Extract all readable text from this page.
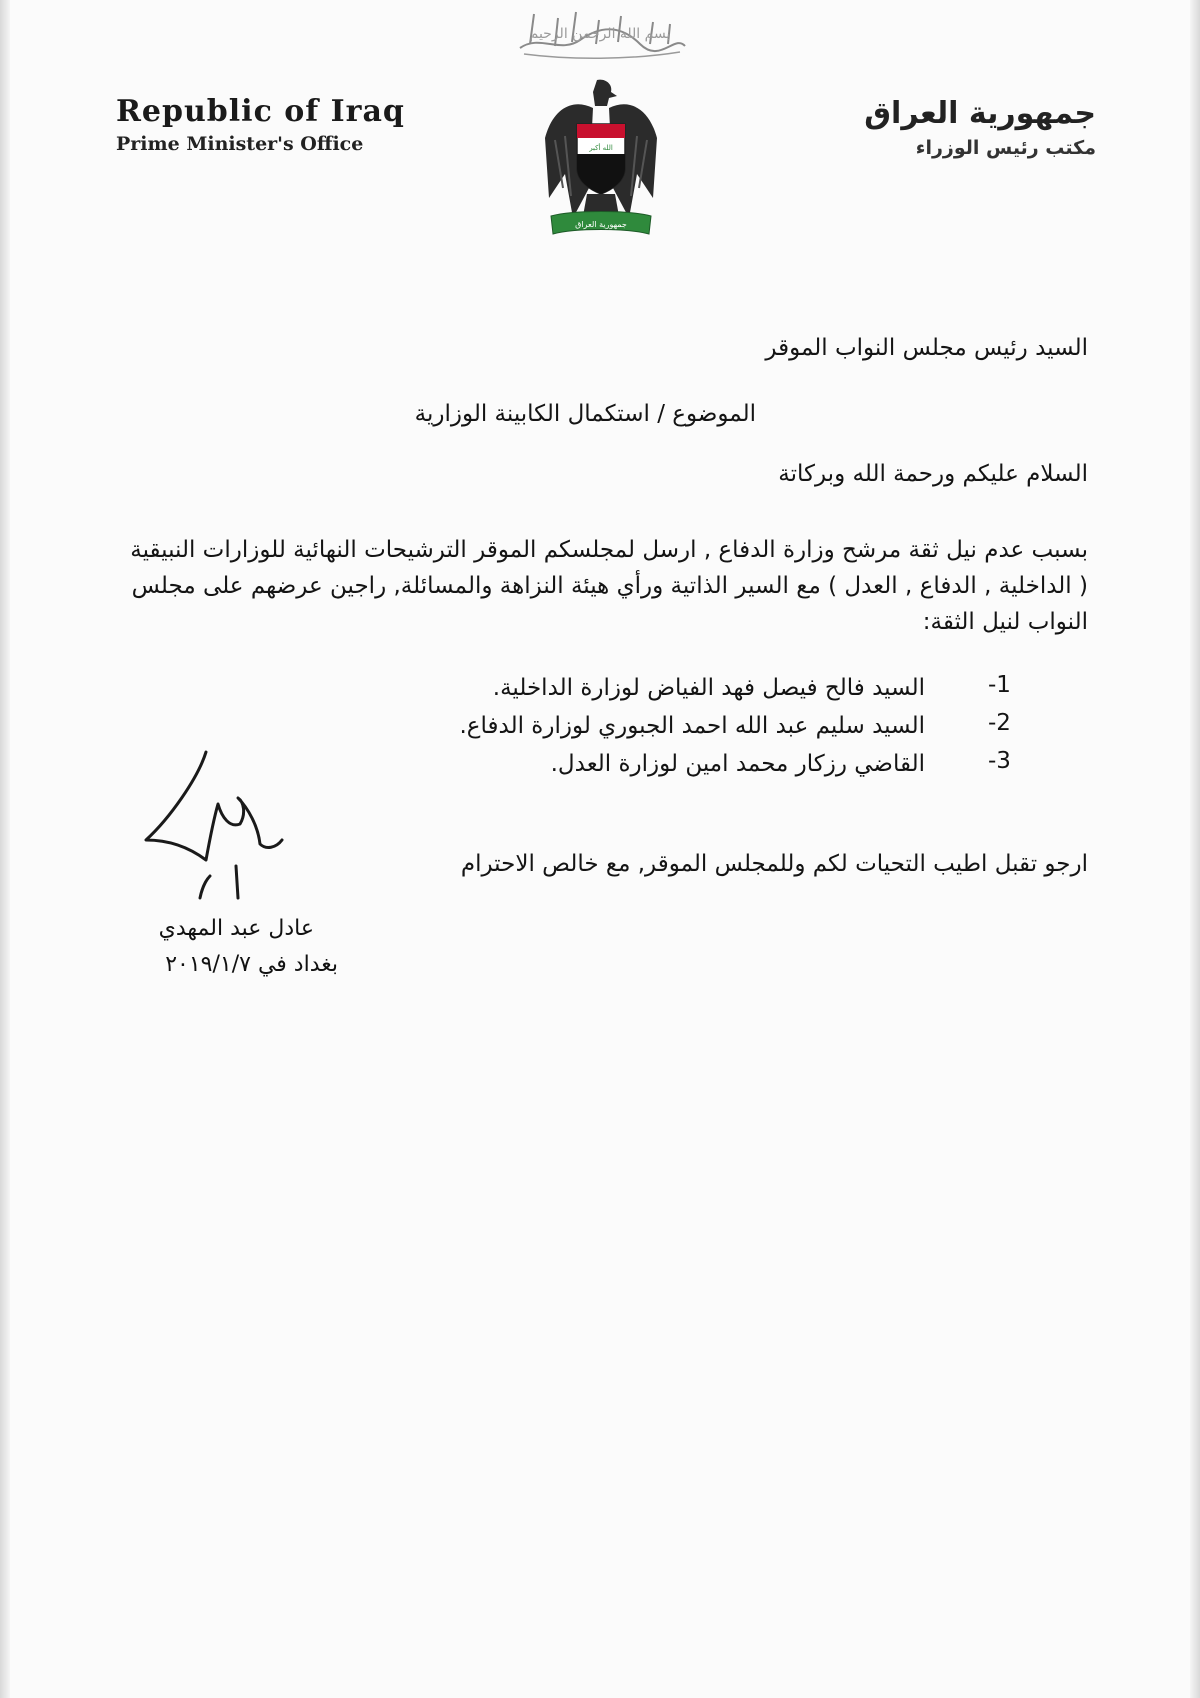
بسم الله الرحمن الرحيم
Republic of Iraq
Prime Minister's Office
جمهورية العراق
مكتب رئيس الوزراء
الله أكبر
جمهورية العراق
السيد رئيس مجلس النواب الموقر
الموضوع / استكمال الكابينة الوزارية
السلام عليكم ورحمة الله وبركاتة

بسبب عدم نيل ثقة مرشح وزارة الدفاع , ارسل لمجلسكم الموقر الترشيحات النهائية للوزارات النبيقية

( الداخلية , الدفاع , العدل ) مع السير الذاتية ورأي هيئة النزاهة والمسائلة, راجين عرضهم على مجلس

النواب لنيل الثقة:

السيد فالح فيصل فهد الفياض لوزارة الداخلية.	-1
السيد سليم عبد الله احمد الجبوري لوزارة الدفاع.	-2
القاضي رزكار محمد امين لوزارة العدل.	-3
ارجو تقبل اطيب التحيات لكم وللمجلس الموقر, مع خالص الاحترام
عادل عبد المهدي
بغداد في ٢٠١٩/١/٧
